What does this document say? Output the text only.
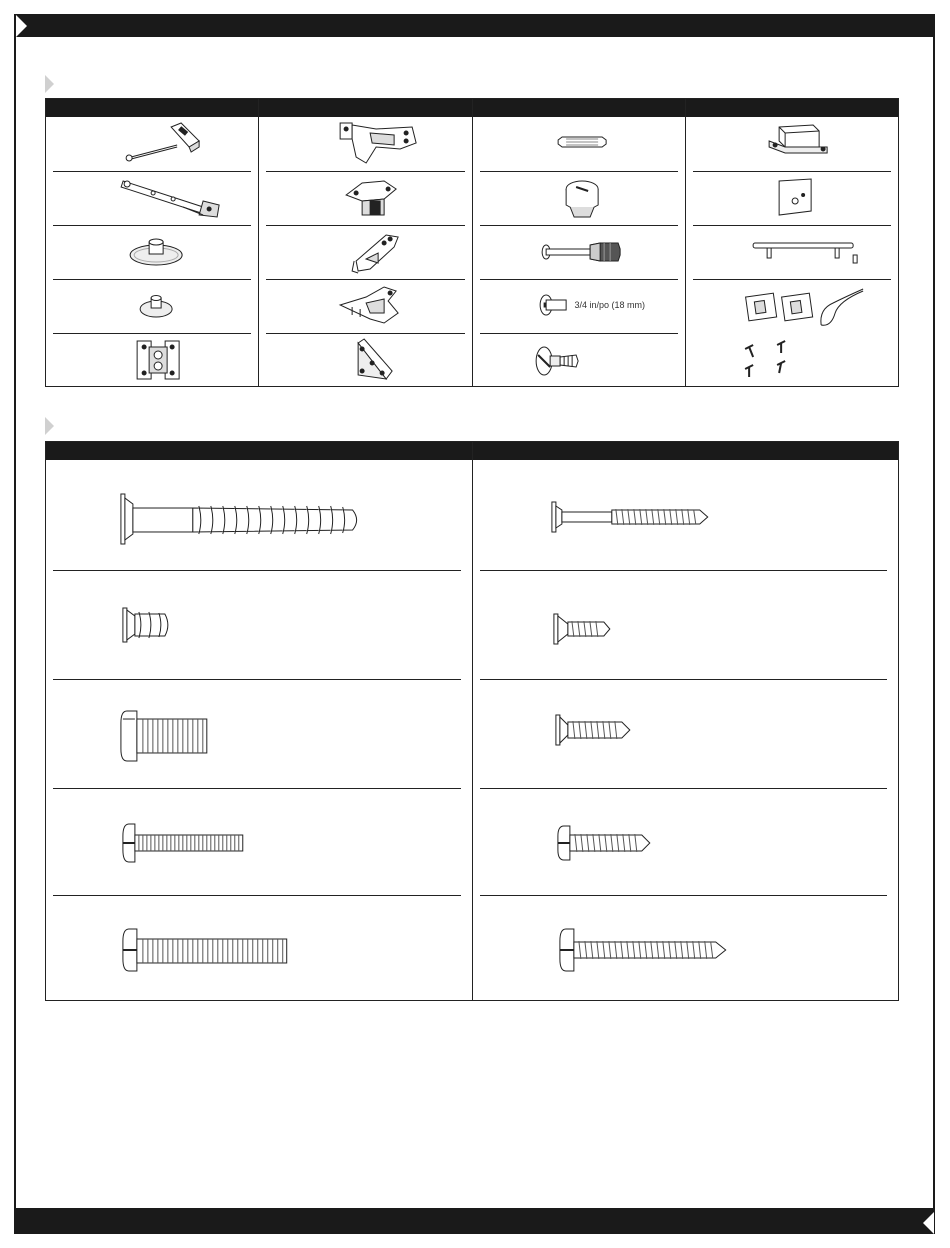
3/4 in/po (18 mm)
